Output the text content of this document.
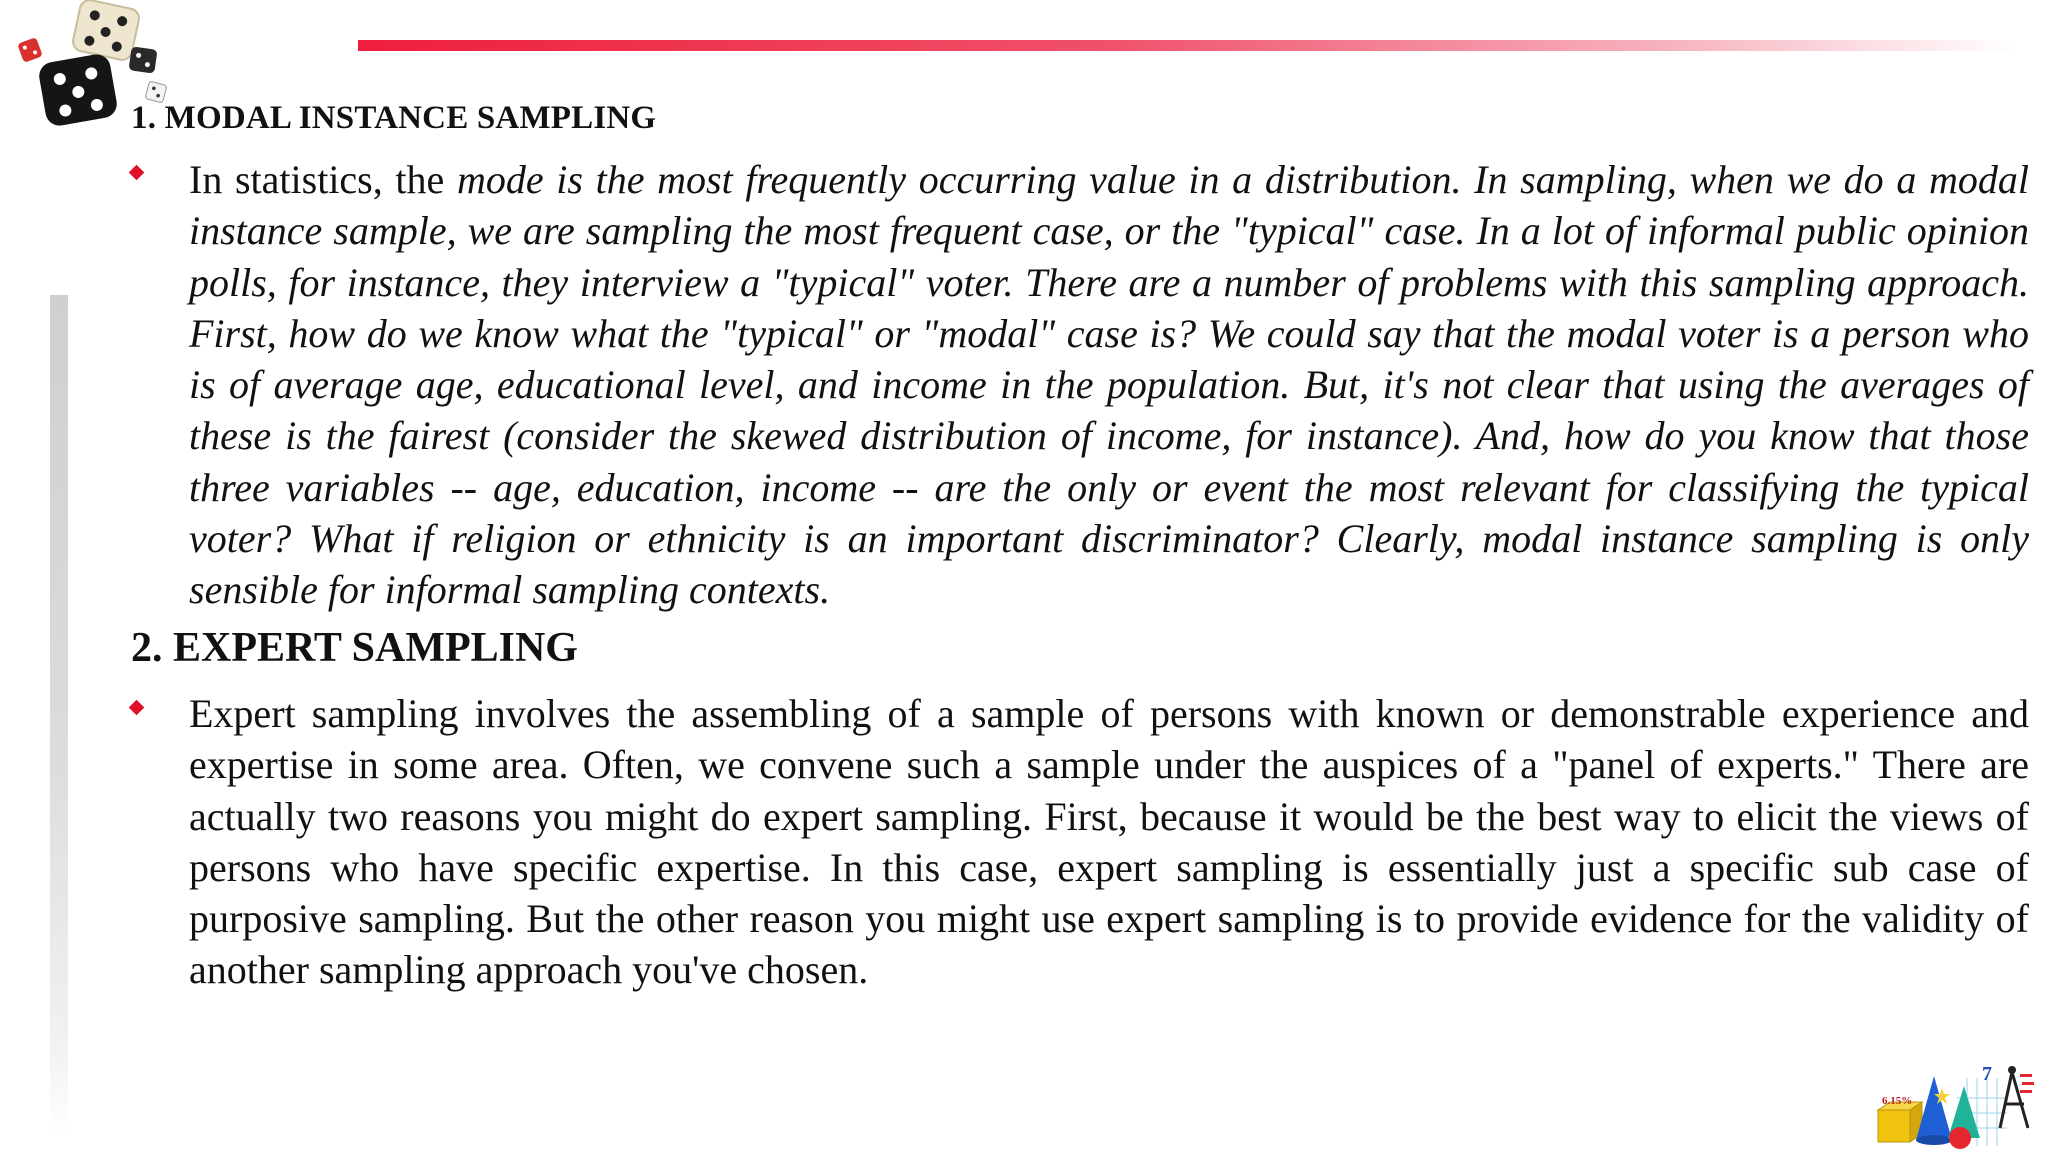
1. MODAL INSTANCE SAMPLING

In statistics, the mode is the most frequently occurring value in a distribution. In sampling, when we do a modal instance sample, we are sampling the most frequent case, or the "typical" case. In a lot of informal public opinion polls, for instance, they interview a "typical" voter. There are a number of problems with this sampling approach. First, how do we know what the "typical" or "modal" case is? We could say that the modal voter is a person who is of average age, educational level, and income in the population. But, it's not clear that using the averages of these is the fairest (consider the skewed distribution of income, for instance). And, how do you know that those three variables -- age, education, income -- are the only or event the most relevant for classifying the typical voter? What if religion or ethnicity is an important discriminator? Clearly, modal instance sampling is only sensible for informal sampling contexts.

2. EXPERT SAMPLING

Expert sampling involves the assembling of a sample of persons with known or demonstrable experience and expertise in some area. Often, we convene such a sample under the auspices of a "panel of experts." There are actually two reasons you might do expert sampling. First, because it would be the best way to elicit the views of persons who have specific expertise. In this case, expert sampling is essentially just a specific sub case of purposive sampling. But the other reason you might use expert sampling is to provide evidence for the validity of another sampling approach you've chosen.

7
6.15%
